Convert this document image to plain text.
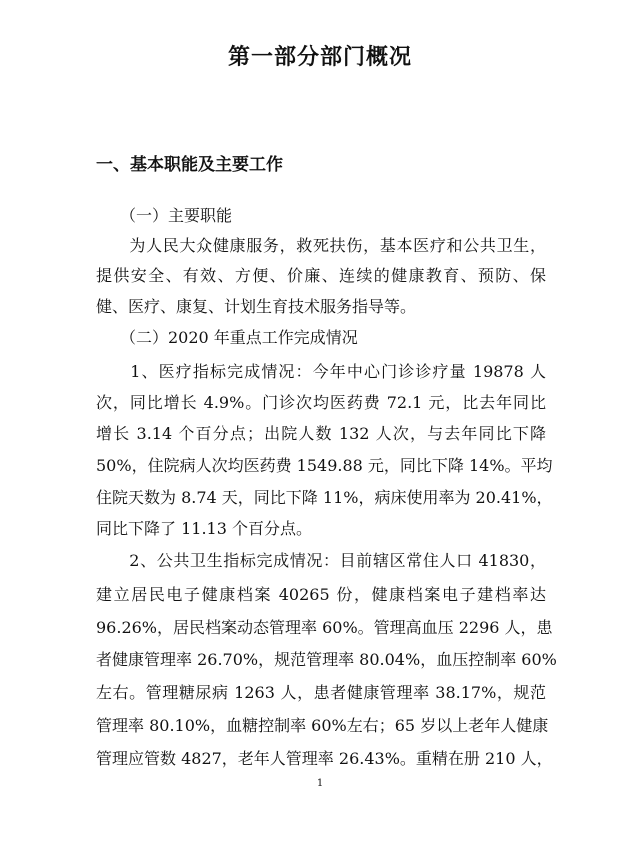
第一部分部门概况
一、基本职能及主要工作
　　（一）主要职能
　　为人民大众健康服务，救死扶伤，基本医疗和公共卫生，
提供安全、有效、方便、价廉、连续的健康教育、预防、保
健、医疗、康复、计划生育技术服务指导等。
　　（二）2020 年重点工作完成情况
　　1、医疗指标完成情况：今年中心门诊诊疗量 19878 人
次，同比增长 4.9%。门诊次均医药费 72.1 元，比去年同比
增长 3.14 个百分点；出院人数 132 人次，与去年同比下降
50%，住院病人次均医药费 1549.88 元，同比下降 14%。平均
住院天数为 8.74 天，同比下降 11%，病床使用率为 20.41%，
同比下降了 11.13 个百分点。
　　2、公共卫生指标完成情况：目前辖区常住人口 41830，
建立居民电子健康档案 40265 份，健康档案电子建档率达
96.26%，居民档案动态管理率 60%。管理高血压 2296 人，患
者健康管理率 26.70%，规范管理率 80.04%，血压控制率 60%
左右。管理糖尿病 1263 人，患者健康管理率 38.17%，规范
管理率 80.10%，血糖控制率 60%左右；65 岁以上老年人健康
管理应管数 4827，老年人管理率 26.43%。重精在册 210 人，
1
